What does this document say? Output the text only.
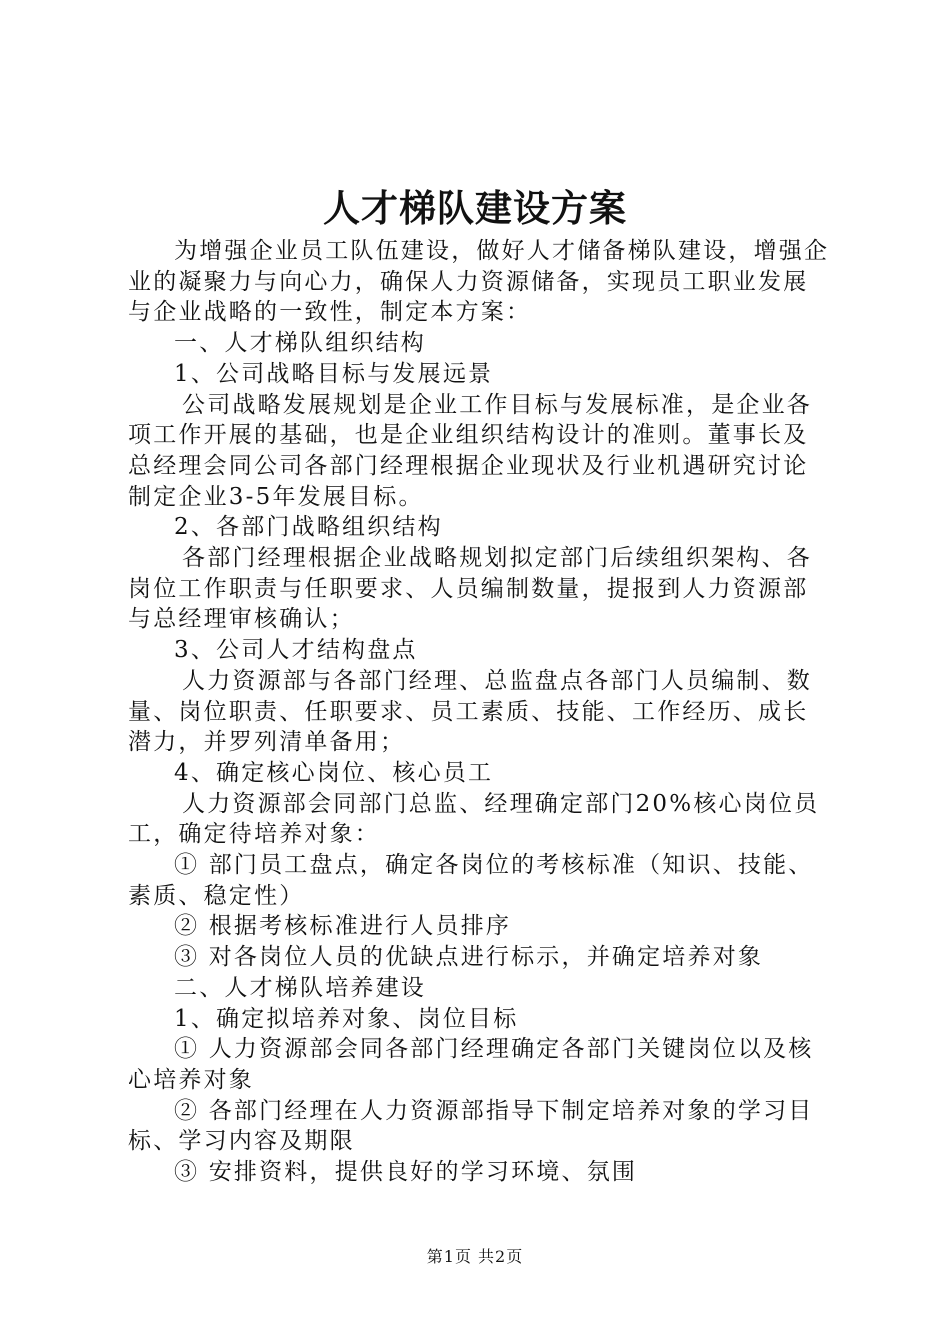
人才梯队建设方案

为增强企业员工队伍建设，做好人才储备梯队建设，增强企业的凝聚力与向心力，确保人力资源储备，实现员工职业发展与企业战略的一致性，制定本方案：

一、人才梯队组织结构

1、公司战略目标与发展远景

公司战略发展规划是企业工作目标与发展标准，是企业各项工作开展的基础，也是企业组织结构设计的准则。董事长及总经理会同公司各部门经理根据企业现状及行业机遇研究讨论制定企业3-5年发展目标。

2、各部门战略组织结构

各部门经理根据企业战略规划拟定部门后续组织架构、各岗位工作职责与任职要求、人员编制数量，提报到人力资源部与总经理审核确认；

3、公司人才结构盘点

人力资源部与各部门经理、总监盘点各部门人员编制、数量、岗位职责、任职要求、员工素质、技能、工作经历、成长潜力，并罗列清单备用；

4、确定核心岗位、核心员工

人力资源部会同部门总监、经理确定部门20%核心岗位员工，确定待培养对象：

① 部门员工盘点，确定各岗位的考核标准（知识、技能、素质、稳定性）

② 根据考核标准进行人员排序

③ 对各岗位人员的优缺点进行标示，并确定培养对象

二、人才梯队培养建设

1、确定拟培养对象、岗位目标

① 人力资源部会同各部门经理确定各部门关键岗位以及核心培养对象

② 各部门经理在人力资源部指导下制定培养对象的学习目标、学习内容及期限

③ 安排资料，提供良好的学习环境、氛围

第1页 共2页
